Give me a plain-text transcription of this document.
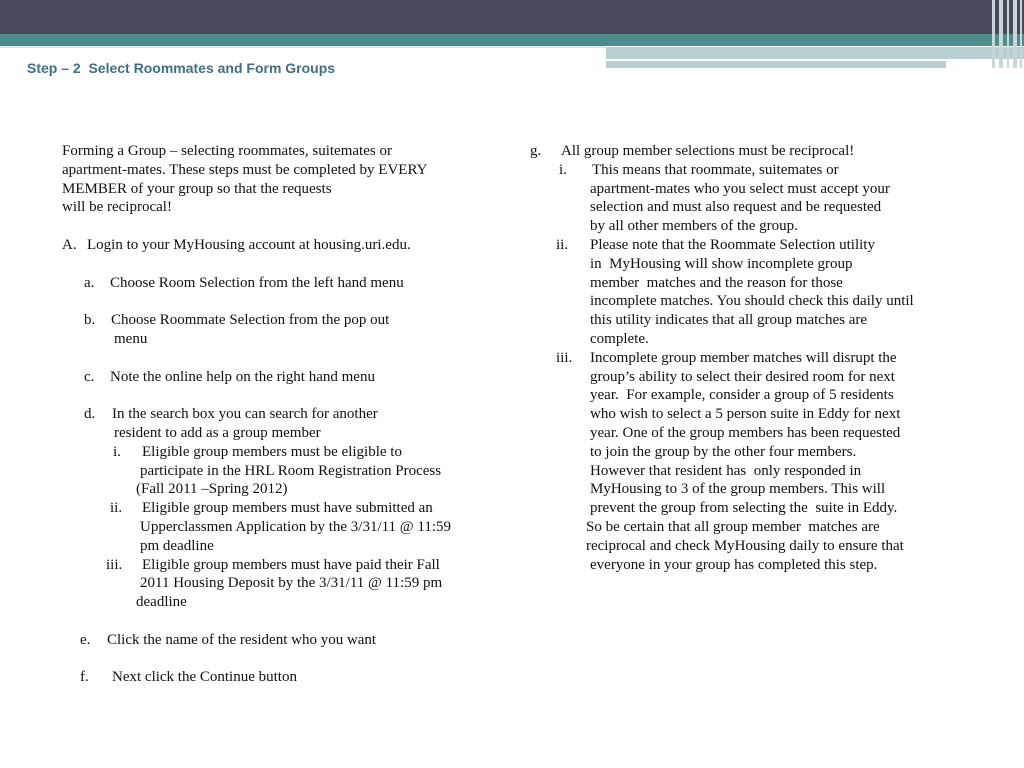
Step – 2  Select Roommates and Form Groups
Forming a Group – selecting roommates, suitemates or
apartment-mates. These steps must be completed by EVERY
MEMBER of your group so that the requests
will be reciprocal!

A.

Login to your MyHousing account at housing.uri.edu.

a.

Choose Room Selection from the left hand menu

b.

Choose Roommate Selection from the pop out

menu

c.

Note the online help on the right hand menu

d.

In the search box you can search for another

resident to add as a group member

i.

Eligible group members must be eligible to

participate in the HRL Room Registration Process
(Fall 2011 –Spring 2012)

ii.

Eligible group members must have submitted an

Upperclassmen Application by the 3/31/11 @ 11:59
pm deadline

iii.

Eligible group members must have paid their Fall

2011 Housing Deposit by the 3/31/11 @ 11:59 pm
deadline

e.

Click the name of the resident who you want

f.

Next click the Continue button

g.

All group member selections must be reciprocal!

i.

This means that roommate, suitemates or

apartment-mates who you select must accept your
selection and must also request and be requested
by all other members of the group.

ii.

Please note that the Roommate Selection utility

in  MyHousing will show incomplete group
member  matches and the reason for those
incomplete matches. You should check this daily until
this utility indicates that all group matches are
complete.

iii.

Incomplete group member matches will disrupt the

group’s ability to select their desired room for next
year.  For example, consider a group of 5 residents
who wish to select a 5 person suite in Eddy for next
year. One of the group members has been requested
to join the group by the other four members.
However that resident has  only responded in
MyHousing to 3 of the group members. This will
prevent the group from selecting the  suite in Eddy.
So be certain that all group member  matches are
reciprocal and check MyHousing daily to ensure that
everyone in your group has completed this step.
